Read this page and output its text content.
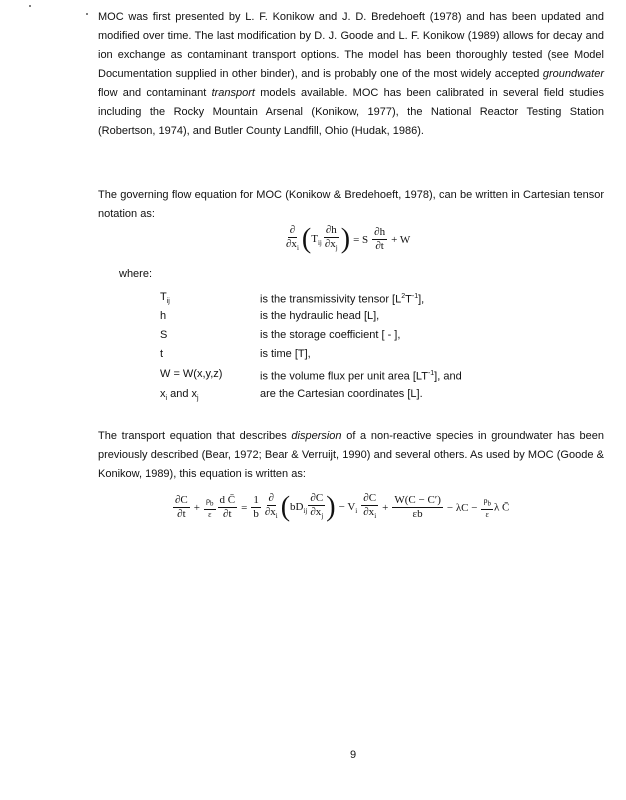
MOC was first presented by L. F. Konikow and J. D. Bredehoeft (1978) and has been updated and modified over time. The last modification by D. J. Goode and L. F. Konikow (1989) allows for decay and ion exchange as contaminant transport options. The model has been thoroughly tested (see Model Documentation supplied in other binder), and is probably one of the most widely accepted groundwater flow and contaminant transport models available. MOC has been calibrated in several field studies including the Rocky Mountain Arsenal (Konikow, 1977), the National Reactor Testing Station (Robertson, 1974), and Butler County Landfill, Ohio (Hudak, 1986).

The governing flow equation for MOC (Konikow & Bredehoeft, 1978), can be written in Cartesian tensor notation as:

$\frac{\partial}{\partial x_i} (T_{ij} \frac{\partial h}{\partial x_j}$ ) = S $\frac{\partial h}{\partial t} + W$
where:
$T_{ij}$	is the transmissivity tensor $[L^2T^{-1}]$,
h	is the hydraulic head [L],
S	is the storage coefficient [ - ],
t	is time [T],
W = W(x,y,z)	is the volume flux per unit area $[LT^{-1}]$, and
$x_i$ and $x_j$	are the Cartesian coordinates [L].

The transport equation that describes dispersion of a non-reactive species in groundwater has been previously described (Bear, 1972; Bear & Verruijt, 1990) and several others. As used by MOC (Goode & Konikow, 1989), this equation is written as:

$\frac{\partial C}{\partial t} + \frac{\rho_b}{\varepsilon} \frac{\text{d C̄}}{\partial t} = \frac{1}{b} \frac{\partial}{\partial x_i} (bD_{ij} \frac{\partial C}{\partial x_j}$ ) − $V_i \frac{\partial C}{\partial x_i} + \frac{W(C - C')}{\varepsilon b} - \lambda C - \frac{\rho_b}{\varepsilon}$ λ C̄
9
